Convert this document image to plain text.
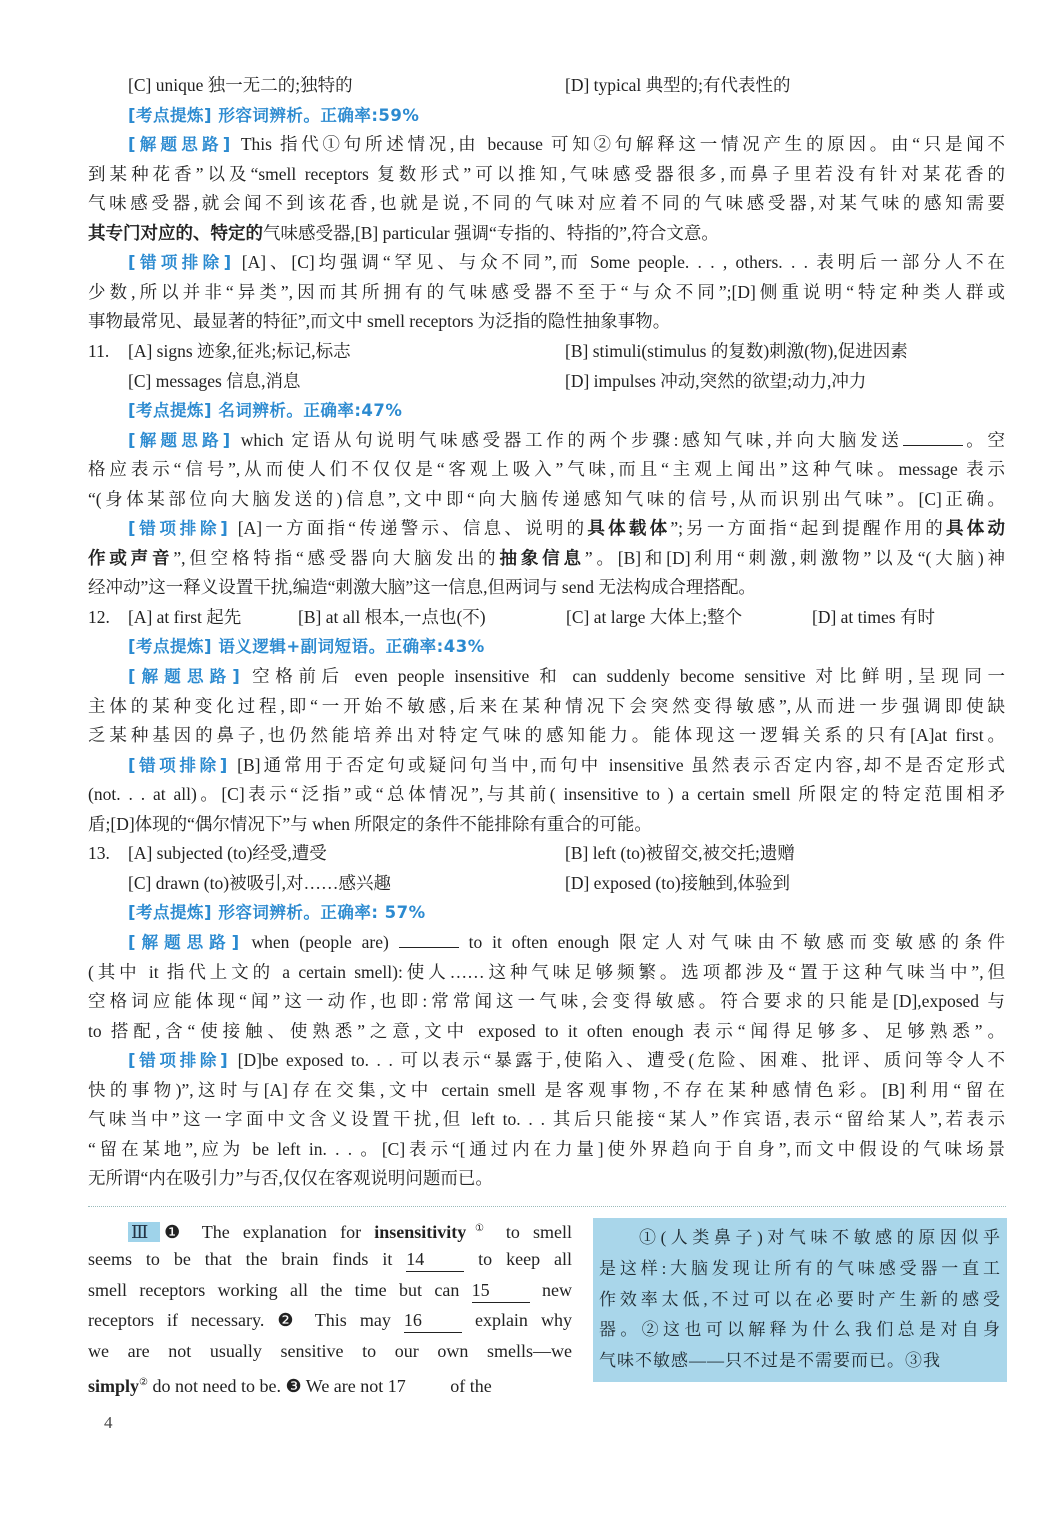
[C] unique 独一无二的;独特的	[D] typical 典型的;有代表性的
[考点提炼] 形容词辨析。正确率:59%
[解题思路] This 指代①句所述情况,由 because 可知②句解释这一情况产生的原因。由“只是闻不
到某种花香”以及“smell receptors 复数形式”可以推知,气味感受器很多,而鼻子里若没有针对某花香的
气味感受器,就会闻不到该花香,也就是说,不同的气味对应着不同的气味感受器,对某气味的感知需要
其专门对应的、特定的气味感受器,[B] particular 强调“专指的、特指的”,符合文意。
[错项排除] [A]、[C]均强调“罕见、与众不同”,而 Some people. . . , others. . . 表明后一部分人不在
少数,所以并非“异类”,因而其所拥有的气味感受器不至于“与众不同”;[D]侧重说明“特定种类人群或
事物最常见、最显著的特征”,而文中 smell receptors 为泛指的隐性抽象事物。
11. [A] signs 迹象,征兆;标记,标志	[B] stimuli(stimulus 的复数)刺激(物),促进因素
[C] messages 信息,消息	[D] impulses 冲动,突然的欲望;动力,冲力
[考点提炼] 名词辨析。正确率:47%
[解题思路] which 定语从句说明气味感受器工作的两个步骤:感知气味,并向大脑发送	。空
格应表示“信号”,从而使人们不仅仅是“客观上吸入”气味,而且“主观上闻出”这种气味。message 表示
“(身体某部位向大脑发送的)信息”,文中即“向大脑传递感知气味的信号,从而识别出气味”。[C]正确。
[错项排除] [A]一方面指“传递警示、信息、说明的具体载体”;另一方面指“起到提醒作用的具体动
作或声音”,但空格特指“感受器向大脑发出的抽象信息”。[B]和[D]利用“刺激,刺激物”以及“(大脑)神
经冲动”这一释义设置干扰,编造“刺激大脑”这一信息,但两词与 send 无法构成合理搭配。
12. [A] at first 起先	[B] at all 根本,一点也(不)	[C] at large 大体上;整个	[D] at times 有时
[考点提炼] 语义逻辑+副词短语。正确率:43%
[解题思路] 空格前后 even people insensitive 和 can suddenly become sensitive 对比鲜明,呈现同一
主体的某种变化过程,即“一开始不敏感,后来在某种情况下会突然变得敏感”,从而进一步强调即使缺
乏某种基因的鼻子,也仍然能培养出对特定气味的感知能力。能体现这一逻辑关系的只有[A]at first。
[错项排除] [B]通常用于否定句或疑问句当中,而句中 insensitive 虽然表示否定内容,却不是否定形式
(not. . . at all)。[C]表示“泛指”或“总体情况”,与其前( insensitive to ) a certain smell 所限定的特定范围相矛
盾;[D]体现的“偶尔情况下”与 when 所限定的条件不能排除有重合的可能。
13. [A] subjected (to)经受,遭受	[B] left (to)被留交,被交托;遗赠
[C] drawn (to)被吸引,对……感兴趣	[D] exposed (to)接触到,体验到
[考点提炼] 形容词辨析。正确率: 57%
[解题思路] when (people are)	to it often enough 限定人对气味由不敏感而变敏感的条件
(其中 it 指代上文的 a certain smell):使人……这种气味足够频繁。选项都涉及“置于这种气味当中”,但
空格词应能体现“闻”这一动作,也即:常常闻这一气味,会变得敏感。符合要求的只能是[D],exposed 与
to 搭配,含“使接触、使熟悉”之意,文中 exposed to it often enough 表示“闻得足够多、足够熟悉”。
[错项排除] [D]be exposed to. . . 可以表示“暴露于,使陷入、遭受(危险、困难、批评、质问等令人不
快的事物)”,这时与[A]存在交集,文中 certain smell 是客观事物,不存在某种感情色彩。[B]利用“留在
气味当中”这一字面中文含义设置干扰,但 left to. . . 其后只能接“某人”作宾语,表示“留给某人”,若表示
“留在某地”,应为 be left in. . . 。[C]表示“[通过内在力量]使外界趋向于自身”,而文中假设的气味场景
无所谓“内在吸引力”与否,仅仅在客观说明问题而已。
Ⅲ ❶ The explanation for insensitivity① to smell
seems to be that the brain finds it 14 to keep all
smell receptors working all the time but can 15 new
receptors if necessary. ❷ This may 16 explain why
we are not usually sensitive to our own smells—we
simply② do not need to be. ❸ We are not 17 of the
①(人类鼻子)对气味不敏感的原因似乎
是这样:大脑发现让所有的气味感受器一直工
作效率太低,不过可以在必要时产生新的感受
器。②这也可以解释为什么我们总是对自身
气味不敏感——只不过是不需要而已。③我
4
